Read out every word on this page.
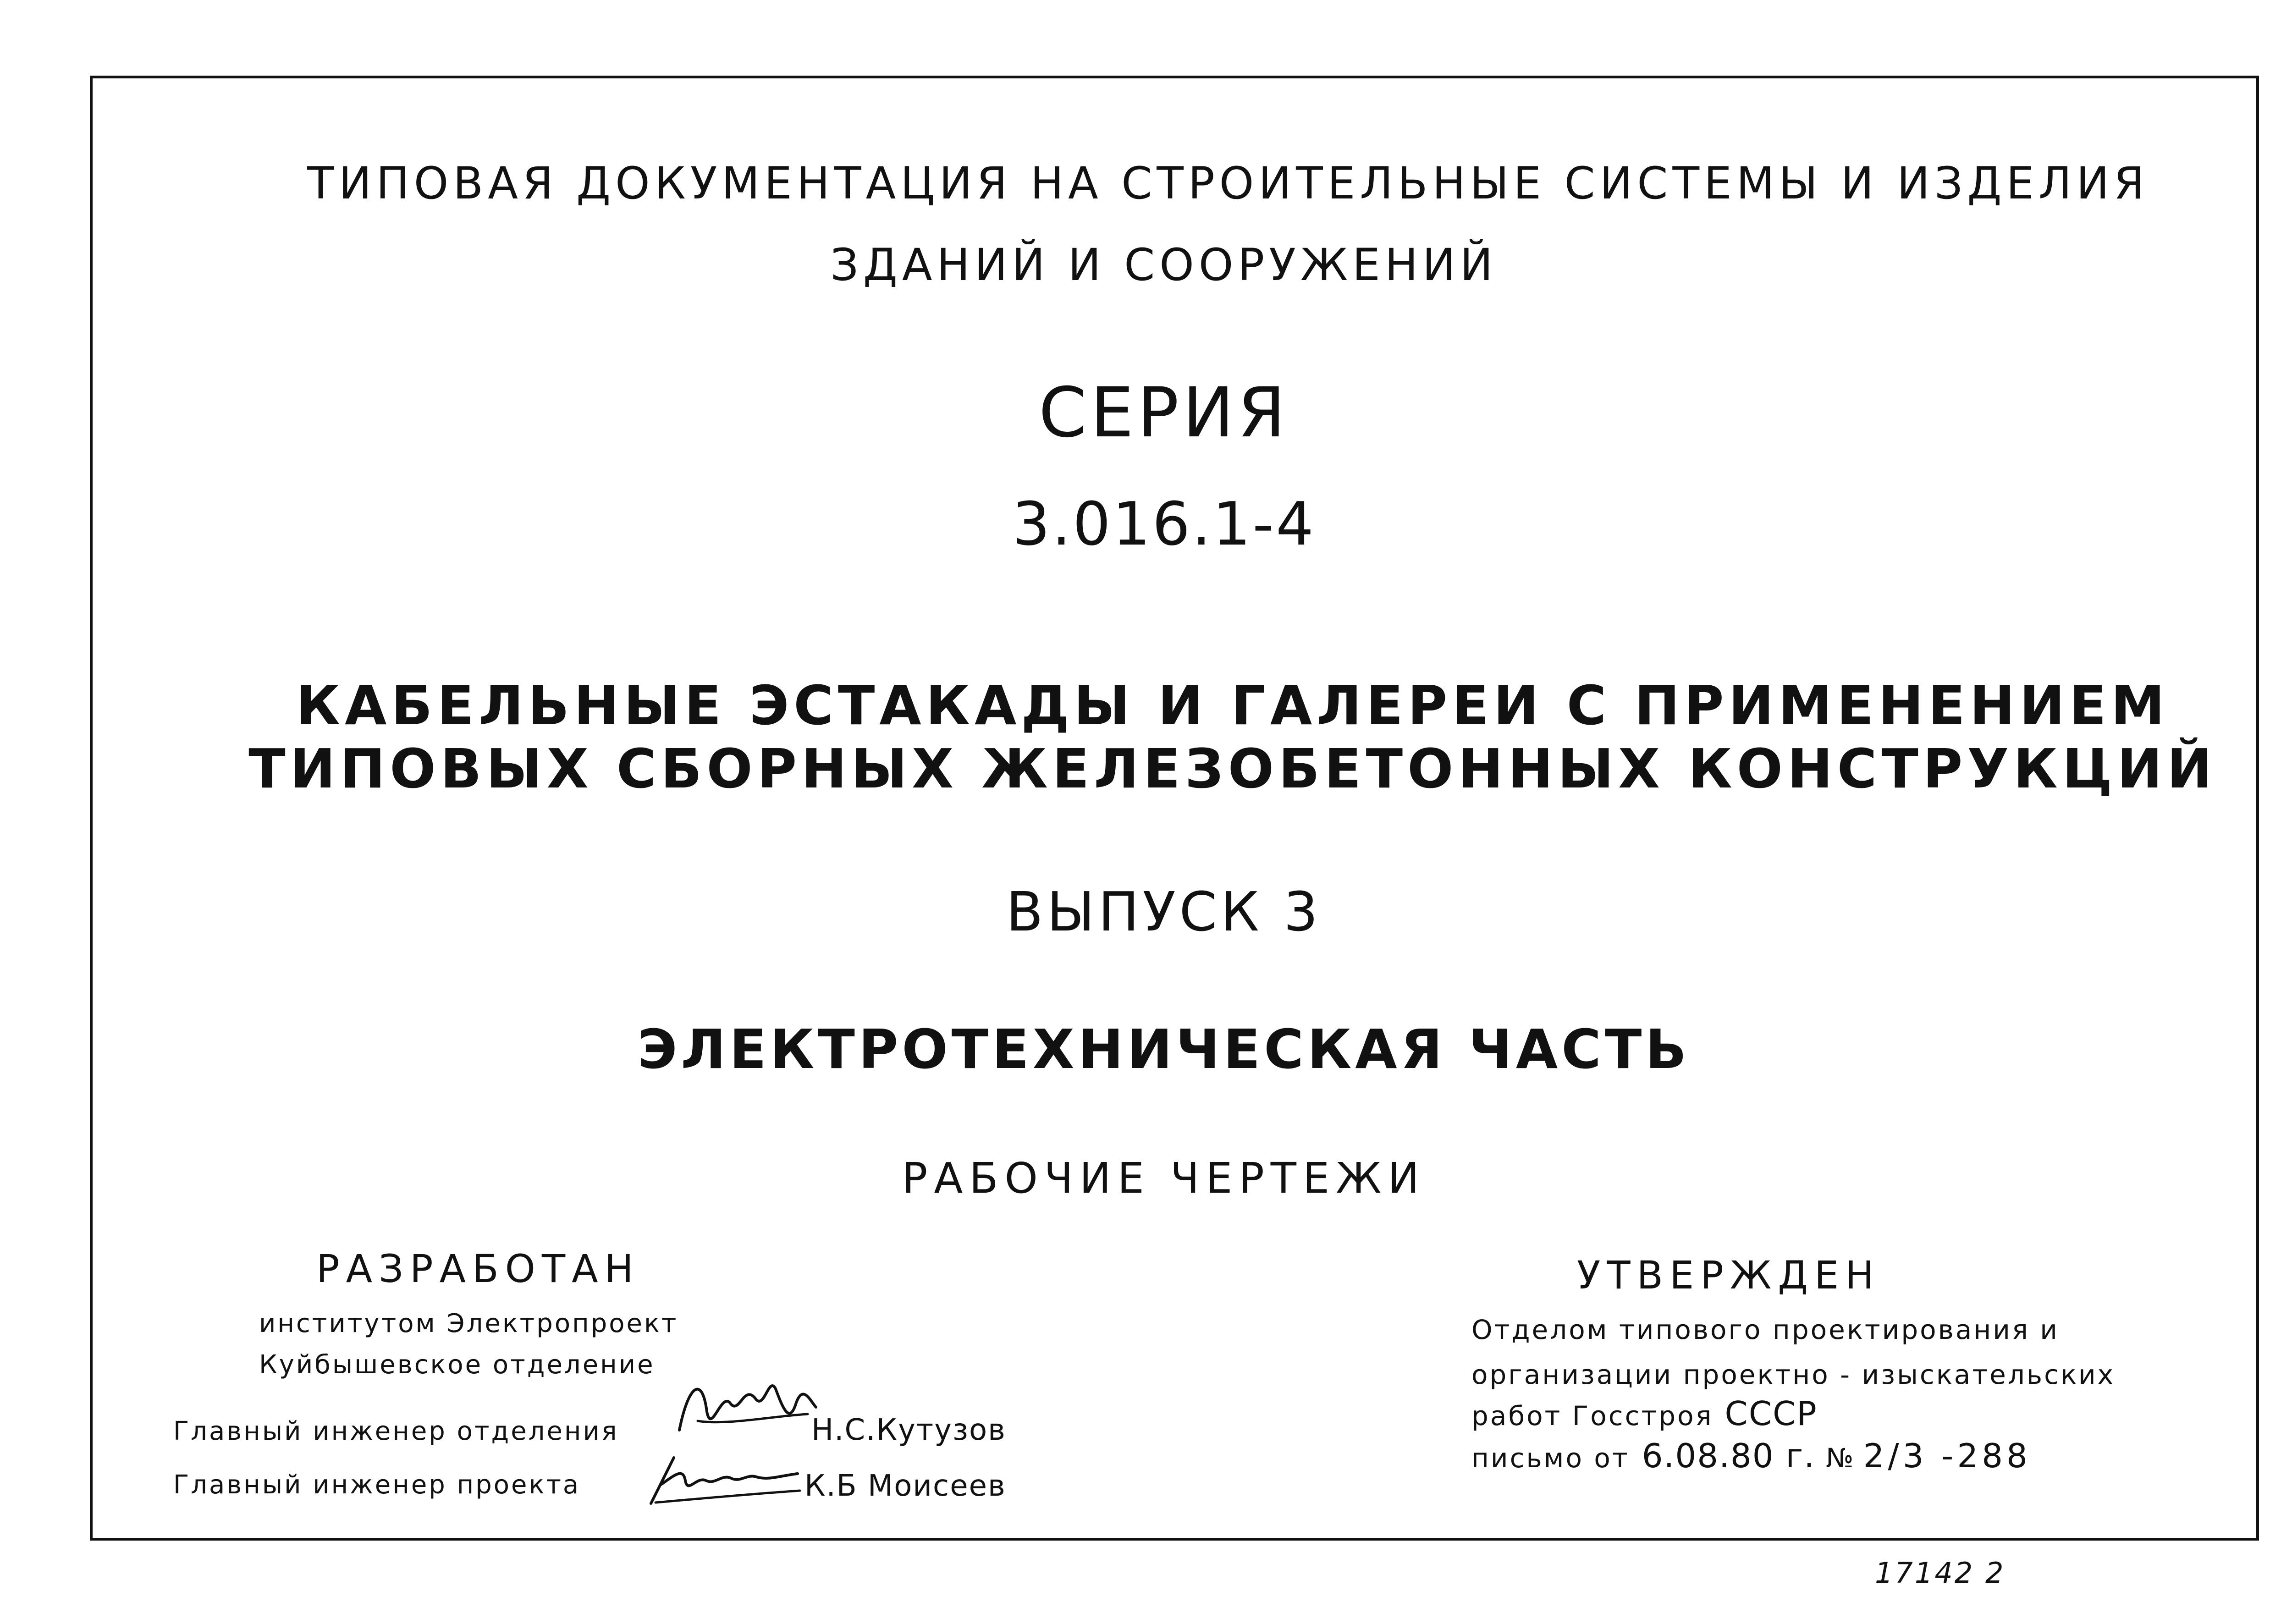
ТИПОВАЯ ДОКУМЕНТАЦИЯ НА СТРОИТЕЛЬНЫЕ СИСТЕМЫ И ИЗДЕЛИЯ
ЗДАНИЙ И СООРУЖЕНИЙ
СЕРИЯ
3.016.1-4
КАБЕЛЬНЫЕ ЭСТАКАДЫ И ГАЛЕРЕИ С ПРИМЕНЕНИЕМ
ТИПОВЫХ СБОРНЫХ ЖЕЛЕЗОБЕТОННЫХ КОНСТРУКЦИЙ
ВЫПУСК 3
ЭЛЕКТРОТЕХНИЧЕСКАЯ ЧАСТЬ
РАБОЧИЕ ЧЕРТЕЖИ
РАЗРАБОТАН
институтом Электропроект
Куйбышевское отделение
Главный инженер отделения	Н.С.Кутузов
Главный инженер проекта	К.Б Моисеев
УТВЕРЖДЕН
Отделом типового проектирования и
организации проектно - изыскательских
работ Госстроя СССР
письмо от 6.08.80 г. № 2/3 -288
17142 2
